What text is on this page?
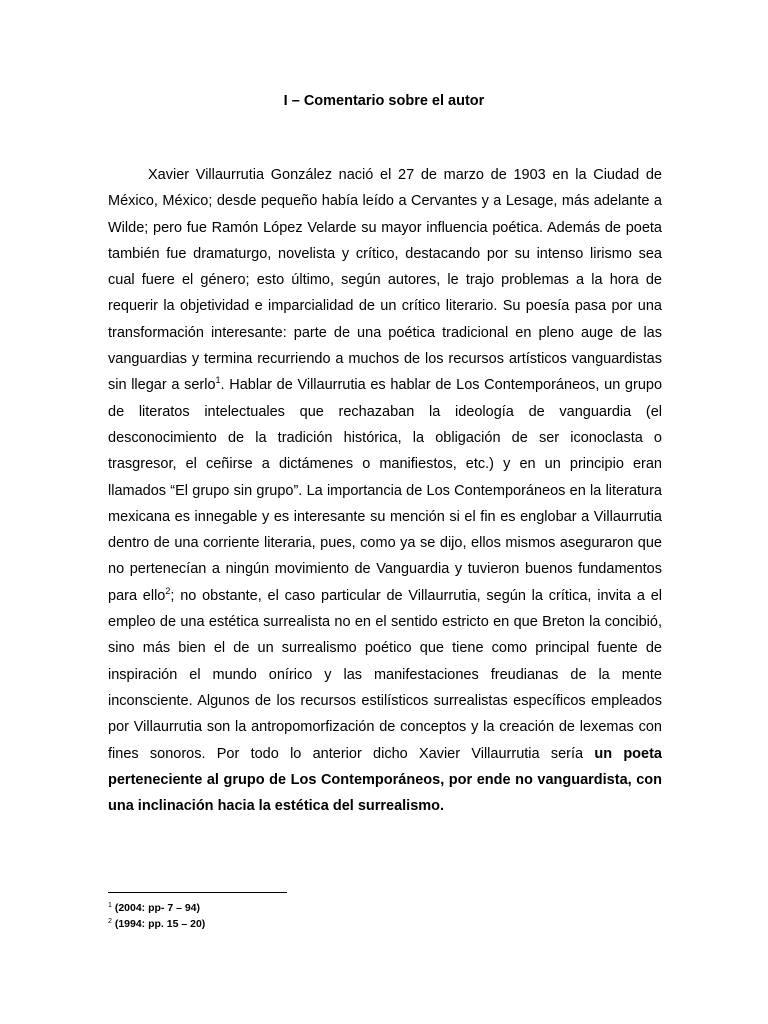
I – Comentario sobre el autor

Xavier Villaurrutia González nació el 27 de marzo de 1903 en la Ciudad de México, México; desde pequeño había leído a Cervantes y a Lesage, más adelante a Wilde; pero fue Ramón López Velarde su mayor influencia poética. Además de poeta también fue dramaturgo, novelista y crítico, destacando por su intenso lirismo sea cual fuere el género; esto último, según autores, le trajo problemas a la hora de requerir la objetividad e imparcialidad de un crítico literario. Su poesía pasa por una transformación interesante: parte de una poética tradicional en pleno auge de las vanguardias y termina recurriendo a muchos de los recursos artísticos vanguardistas sin llegar a serlo$^1$. Hablar de Villaurrutia es hablar de Los Contemporáneos, un grupo de literatos intelectuales que rechazaban la ideología de vanguardia (el desconocimiento de la tradición histórica, la obligación de ser iconoclasta o trasgresor, el ceñirse a dictámenes o manifiestos, etc.) y en un principio eran llamados “El grupo sin grupo”. La importancia de Los Contemporáneos en la literatura mexicana es innegable y es interesante su mención si el fin es englobar a Villaurrutia dentro de una corriente literaria, pues, como ya se dijo, ellos mismos aseguraron que no pertenecían a ningún movimiento de Vanguardia y tuvieron buenos fundamentos para ello$^2$; no obstante, el caso particular de Villaurrutia, según la crítica, invita a el empleo de una estética surrealista no en el sentido estricto en que Breton la concibió, sino más bien el de un surrealismo poético que tiene como principal fuente de inspiración el mundo onírico y las manifestaciones freudianas de la mente inconsciente. Algunos de los recursos estilísticos surrealistas específicos empleados por Villaurrutia son la antropomorfización de conceptos y la creación de lexemas con fines sonoros. Por todo lo anterior dicho Xavier Villaurrutia sería un poeta perteneciente al grupo de Los Contemporáneos, por ende no vanguardista, con una inclinación hacia la estética del surrealismo.

$^1$ (2004: pp- 7 – 94)
$^2$ (1994: pp. 15 – 20)
